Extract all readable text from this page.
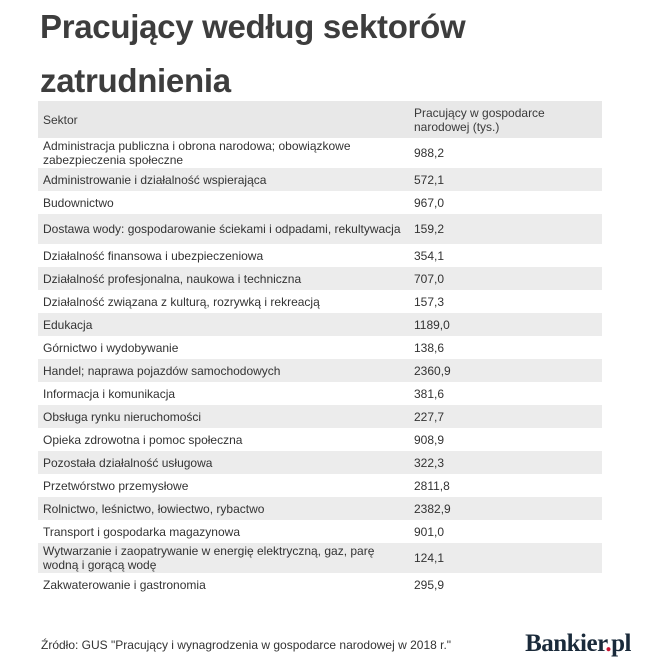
Pracujący według sektorów zatrudnienia
Sektor	Pracujący w gospodarce narodowej (tys.)
Administracja publiczna i obrona narodowa; obowiązkowe zabezpieczenia społeczne	988,2
Administrowanie i działalność wspierająca	572,1
Budownictwo	967,0
Dostawa wody: gospodarowanie ściekami i odpadami, rekultywacja	159,2
Działalność finansowa i ubezpieczeniowa	354,1
Działalność profesjonalna, naukowa i techniczna	707,0
Działalność związana z kulturą, rozrywką i rekreacją	157,3
Edukacja	1189,0
Górnictwo i wydobywanie	138,6
Handel; naprawa pojazdów samochodowych	2360,9
Informacja i komunikacja	381,6
Obsługa rynku nieruchomości	227,7
Opieka zdrowotna i pomoc społeczna	908,9
Pozostała działalność usługowa	322,3
Przetwórstwo przemysłowe	2811,8
Rolnictwo, leśnictwo, łowiectwo, rybactwo	2382,9
Transport i gospodarka magazynowa	901,0
Wytwarzanie i zaopatrywanie w energię elektryczną, gaz, parę wodną i gorącą wodę	124,1
Zakwaterowanie i gastronomia	295,9
Źródło: GUS "Pracujący i wynagrodzenia w gospodarce narodowej w 2018 r."	Bankier.pl
